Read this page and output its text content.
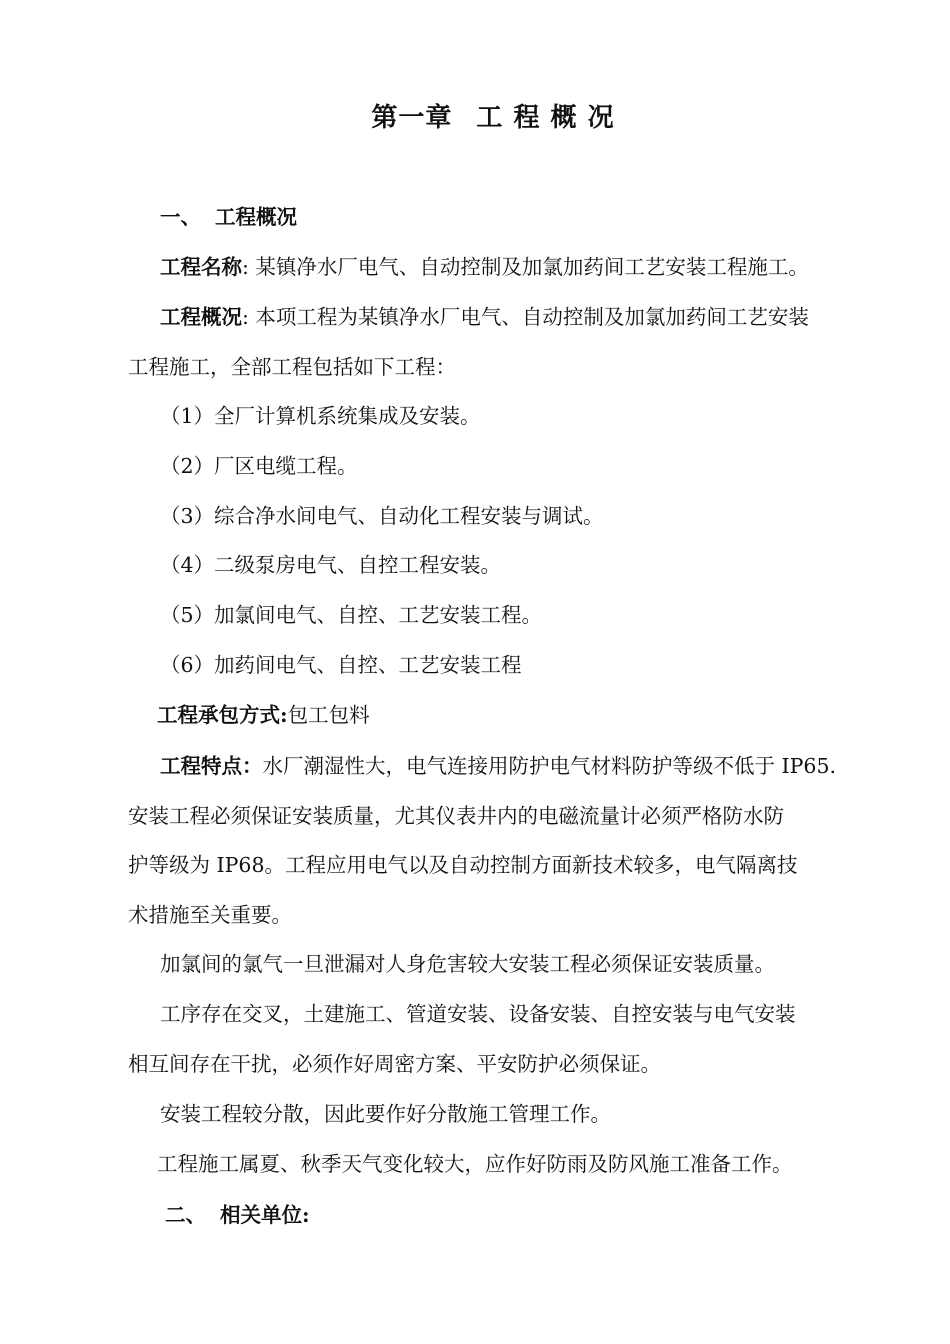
第一章 工 程 概 况
一、 工程概况
工程名称: 某镇净水厂电气、自动控制及加氯加药间工艺安装工程施工。
工程概况: 本项工程为某镇净水厂电气、自动控制及加氯加药间工艺安装
工程施工，全部工程包括如下工程：
（1）全厂计算机系统集成及安装。
（2）厂区电缆工程。
（3）综合净水间电气、自动化工程安装与调试。
（4）二级泵房电气、自控工程安装。
（5）加氯间电气、自控、工艺安装工程。
（6）加药间电气、自控、工艺安装工程
工程承包方式:包工包料
工程特点：水厂潮湿性大，电气连接用防护电气材料防护等级不低于 IP65.
安装工程必须保证安装质量，尤其仪表井内的电磁流量计必须严格防水防
护等级为 IP68。工程应用电气以及自动控制方面新技术较多，电气隔离技
术措施至关重要。
加氯间的氯气一旦泄漏对人身危害较大安装工程必须保证安装质量。
工序存在交叉，土建施工、管道安装、设备安装、自控安装与电气安装
相互间存在干扰，必须作好周密方案、平安防护必须保证。
安装工程较分散，因此要作好分散施工管理工作。
工程施工属夏、秋季天气变化较大，应作好防雨及防风施工准备工作。
二、 相关单位:
